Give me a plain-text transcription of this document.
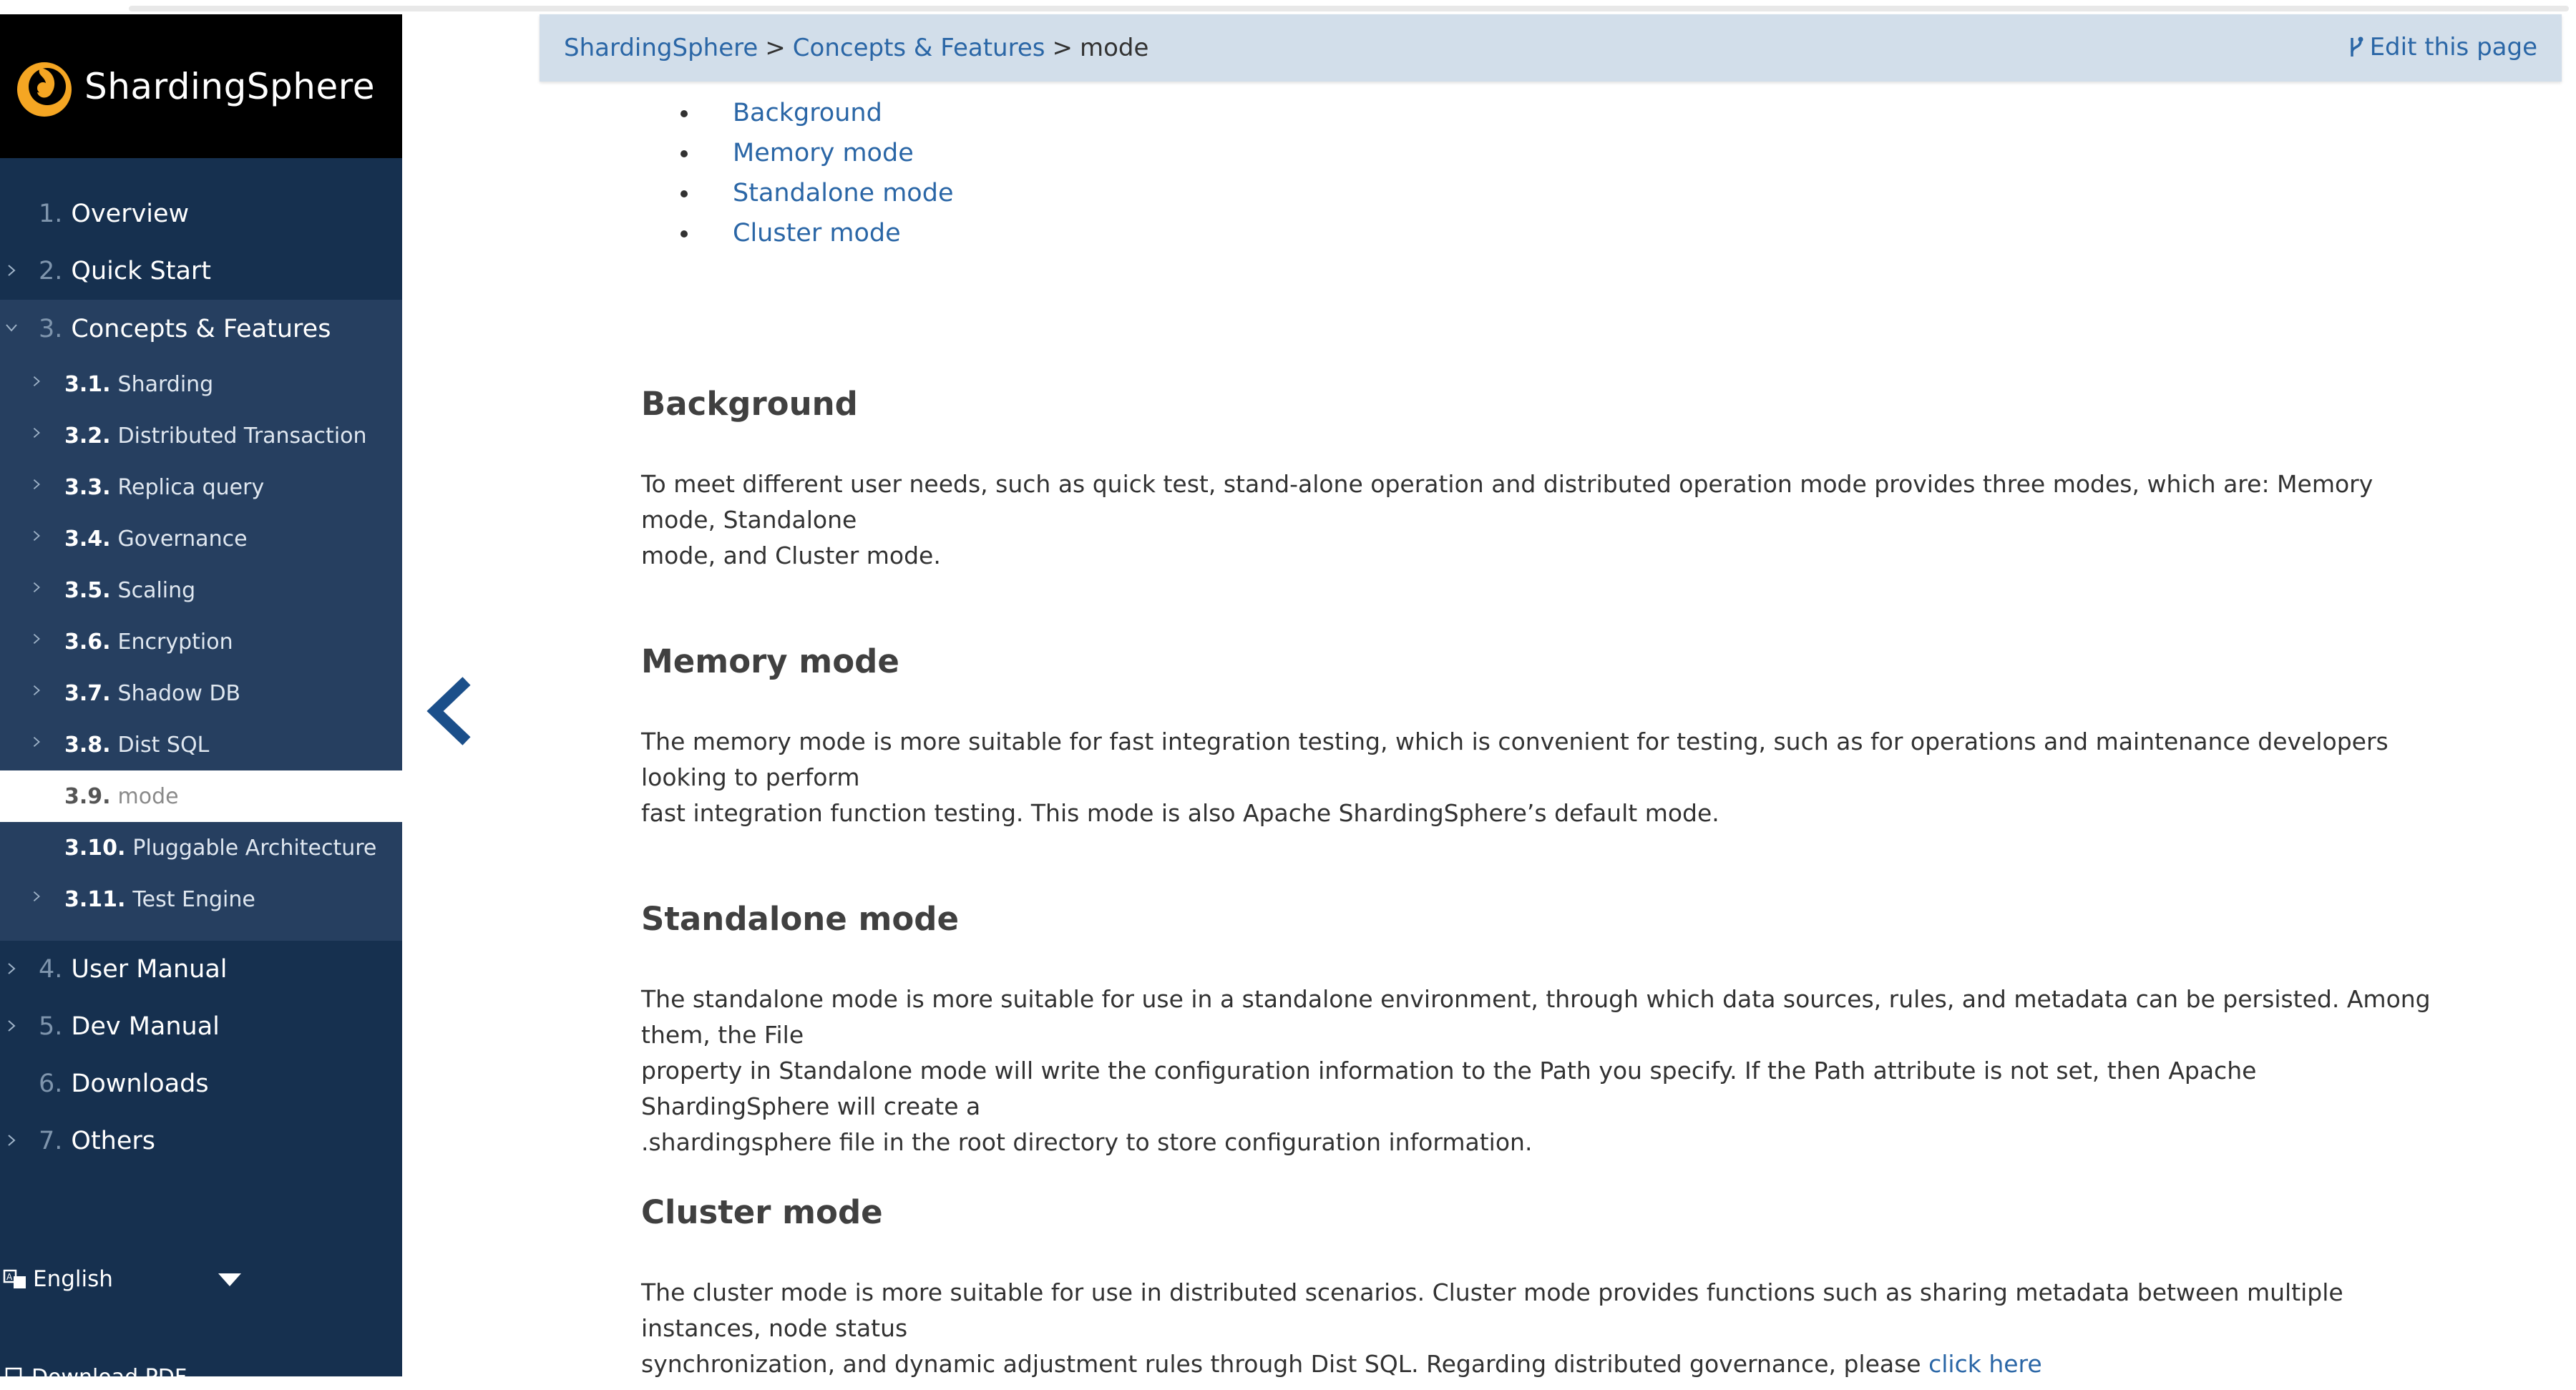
ShardingSphere
1. Overview
2. Quick Start
3. Concepts & Features
3.1. Sharding
3.2. Distributed Transaction
3.3. Replica query
3.4. Governance
3.5. Scaling
3.6. Encryption
3.7. Shadow DB
3.8. Dist SQL
3.9. mode
3.10. Pluggable Architecture
3.11. Test Engine
4. User Manual
5. Dev Manual
6. Downloads
7. Others
A English
Download PDF
ShardingSphere > Concepts & Features > mode	Edit this page
Background
Memory mode
Standalone mode
Cluster mode
Background

To meet different user needs, such as quick test, stand-alone operation and distributed operation mode provides three modes, which are: Memory mode, Standalone
mode, and Cluster mode.

Memory mode

The memory mode is more suitable for fast integration testing, which is convenient for testing, such as for operations and maintenance developers looking to perform
fast integration function testing. This mode is also Apache ShardingSphere’s default mode.

Standalone mode

The standalone mode is more suitable for use in a standalone environment, through which data sources, rules, and metadata can be persisted. Among them, the File
property in Standalone mode will write the configuration information to the Path you specify. If the Path attribute is not set, then Apache ShardingSphere will create a
.shardingsphere file in the root directory to store configuration information.

Cluster mode

The cluster mode is more suitable for use in distributed scenarios. Cluster mode provides functions such as sharing metadata between multiple instances, node status
synchronization, and dynamic adjustment rules through Dist SQL. Regarding distributed governance, please click here
